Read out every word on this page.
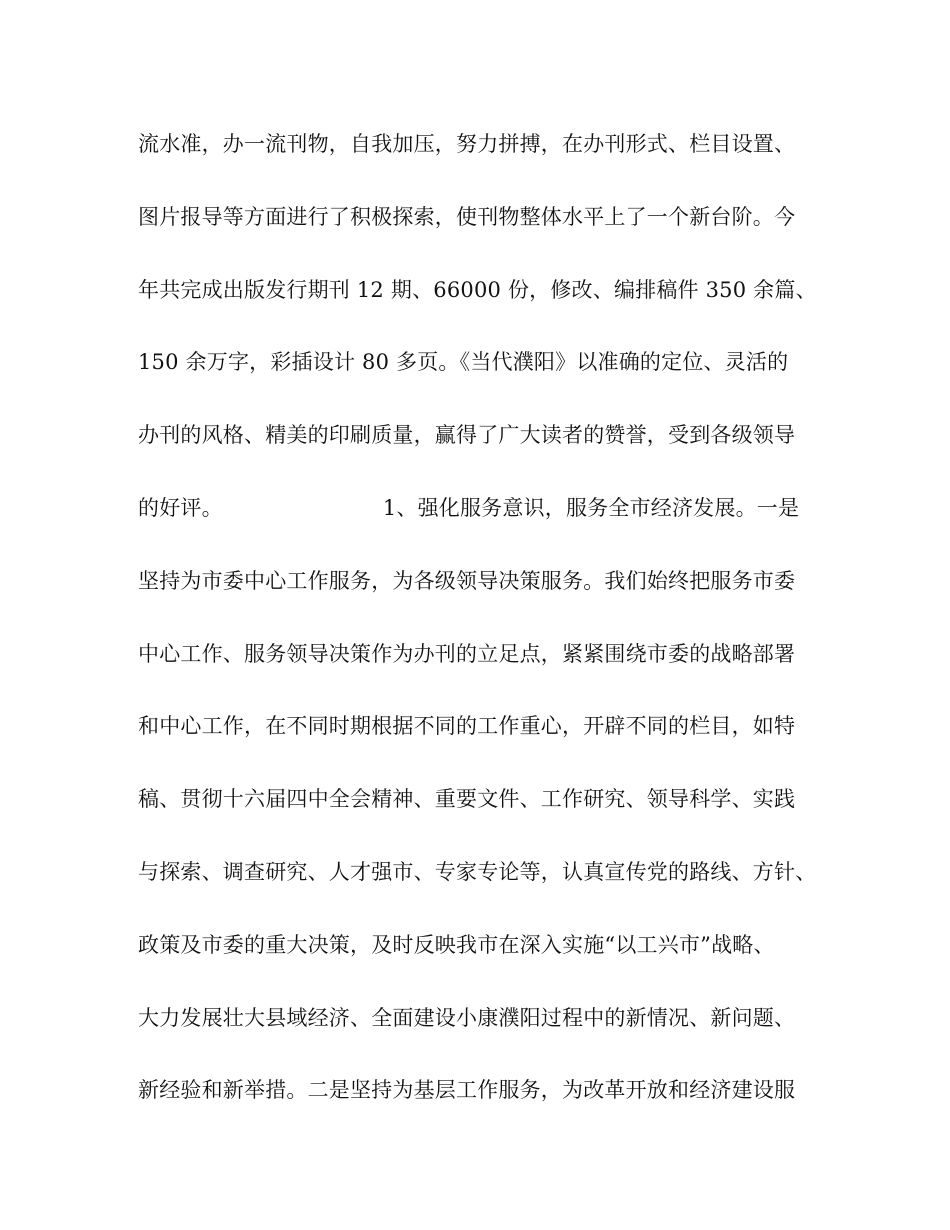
流水准，办一流刊物，自我加压，努力拼搏，在办刊形式、栏目设置、
图片报导等方面进行了积极探索，使刊物整体水平上了一个新台阶。今
年共完成出版发行期刊 12 期、66000 份，修改、编排稿件 350 余篇、
150 余万字，彩插设计 80 多页。《当代濮阳》以准确的定位、灵活的
办刊的风格、精美的印刷质量，赢得了广大读者的赞誉，受到各级领导
的好评。	1、强化服务意识，服务全市经济发展。一是
坚持为市委中心工作服务，为各级领导决策服务。我们始终把服务市委
中心工作、服务领导决策作为办刊的立足点，紧紧围绕市委的战略部署
和中心工作，在不同时期根据不同的工作重心，开辟不同的栏目，如特
稿、贯彻十六届四中全会精神、重要文件、工作研究、领导科学、实践
与探索、调查研究、人才强市、专家专论等，认真宣传党的路线、方针、
政策及市委的重大决策，及时反映我市在深入实施“以工兴市”战略、
大力发展壮大县域经济、全面建设小康濮阳过程中的新情况、新问题、
新经验和新举措。二是坚持为基层工作服务，为改革开放和经济建设服
